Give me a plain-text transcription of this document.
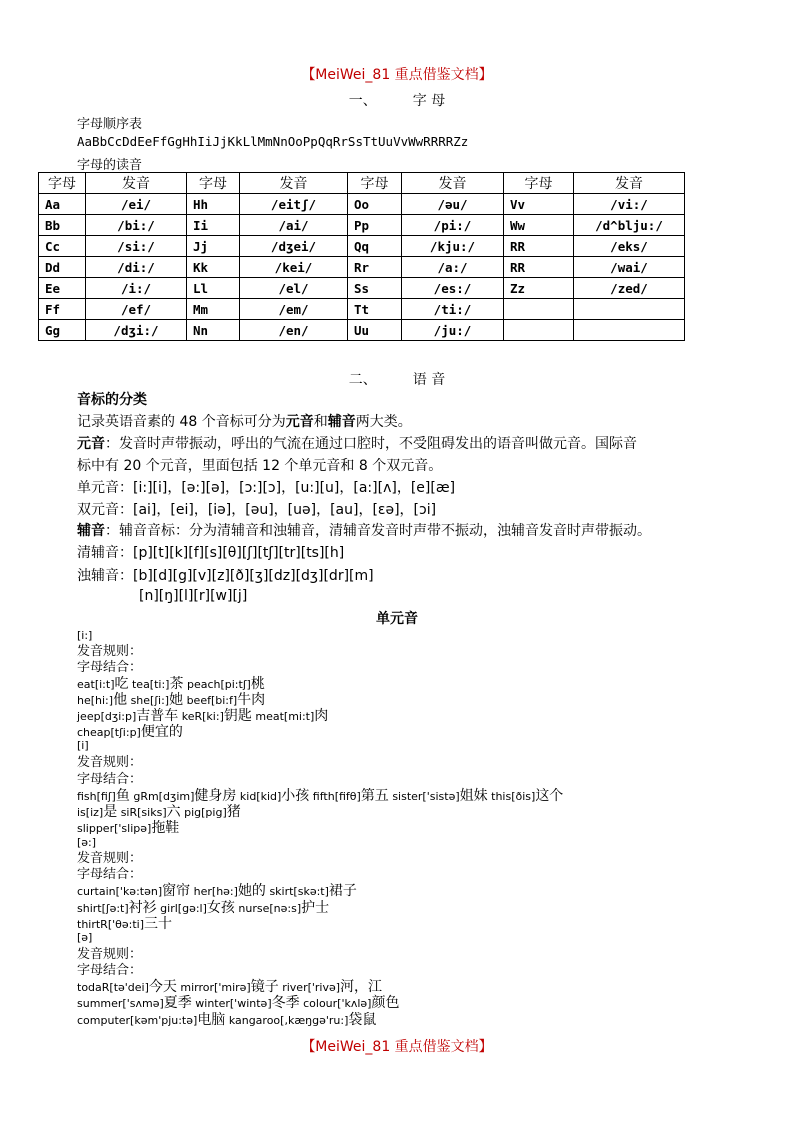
【MeiWei_81 重点借鉴文档】
【MeiWei_81 重点借鉴文档】
一、	字 母
字母顺序表
AaBbCcDdEeFfGgHhIiJjKkLlMmNnOoPpQqRrSsTtUuVvWwRRRRZz
字母的读音
字母	发音	字母	发音	字母	发音	字母	发音
Aa	/ei/	Hh	/eitʃ/	Oo	/əu/	Vv	/vi:/
Bb	/bi:/	Ii	/ai/	Pp	/pi:/	Ww	/d^blju:/
Cc	/si:/	Jj	/dʒei/	Qq	/kju:/	RR	/eks/
Dd	/di:/	Kk	/kei/	Rr	/a:/	RR	/wai/
Ee	/i:/	Ll	/el/	Ss	/es:/	Zz	/zed/
Ff	/ef/	Mm	/em/	Tt	/ti:/		
Gg	/dʒi:/	Nn	/en/	Uu	/ju:/		
二、	语 音
音标的分类
记录英语音素的 48 个音标可分为元音和辅音两大类。
元音：发音时声带振动，呼出的气流在通过口腔时，不受阻碍发出的语音叫做元音。国际音
标中有 20 个元音，里面包括 12 个单元音和 8 个双元音。
单元音：[i:][i]，[ə:][ə]，[ɔ:][ɔ]，[u:][u]，[a:][ʌ]，[e][æ]
双元音：[ai]，[ei]，[iə]，[əu]，[uə]，[au]，[εə]，[ɔi]
辅音：辅音音标：分为清辅音和浊辅音，清辅音发音时声带不振动，浊辅音发音时声带振动。
清辅音：[p][t][k][f][s][θ][ʃ][tʃ][tr][ts][h]
浊辅音：[b][d][g][v][z][ð][ʒ][dz][dʒ][dr][m]
[n][ŋ][l][r][w][j]
单元音
[i:]
发音规则：
字母结合：
eat[i:t]吃 tea[ti:]茶 peach[pi:tʃ]桃
he[hi:]他 she[ʃi:]她 beef[bi:f]牛肉
jeep[dʒi:p]吉普车 keR[ki:]钥匙 meat[mi:t]肉
cheap[tʃi:p]便宜的
[i]
发音规则：
字母结合：
fish[fiʃ]鱼 gRm[dʒim]健身房 kid[kid]小孩 fifth[fifθ]第五 sister['sistə]姐妹 this[ðis]这个
is[iz]是 siR[siks]六 pig[pig]猪
slipper['slipə]拖鞋
[ə:]
发音规则：
字母结合：
curtain['kə:tən]窗帘 her[hə:]她的 skirt[skə:t]裙子
shirt[ʃə:t]衬衫 girl[gə:l]女孩 nurse[nə:s]护士
thirtR['θə:ti]三十
[ə]
发音规则：
字母结合：
todaR[tə'dei]今天 mirror['mirə]镜子 river['rivə]河，江
summer['sʌmə]夏季 winter['wintə]冬季 colour['kʌlə]颜色
computer[kəm'pju:tə]电脑 kangaroo[,kæŋgə'ru:]袋鼠
